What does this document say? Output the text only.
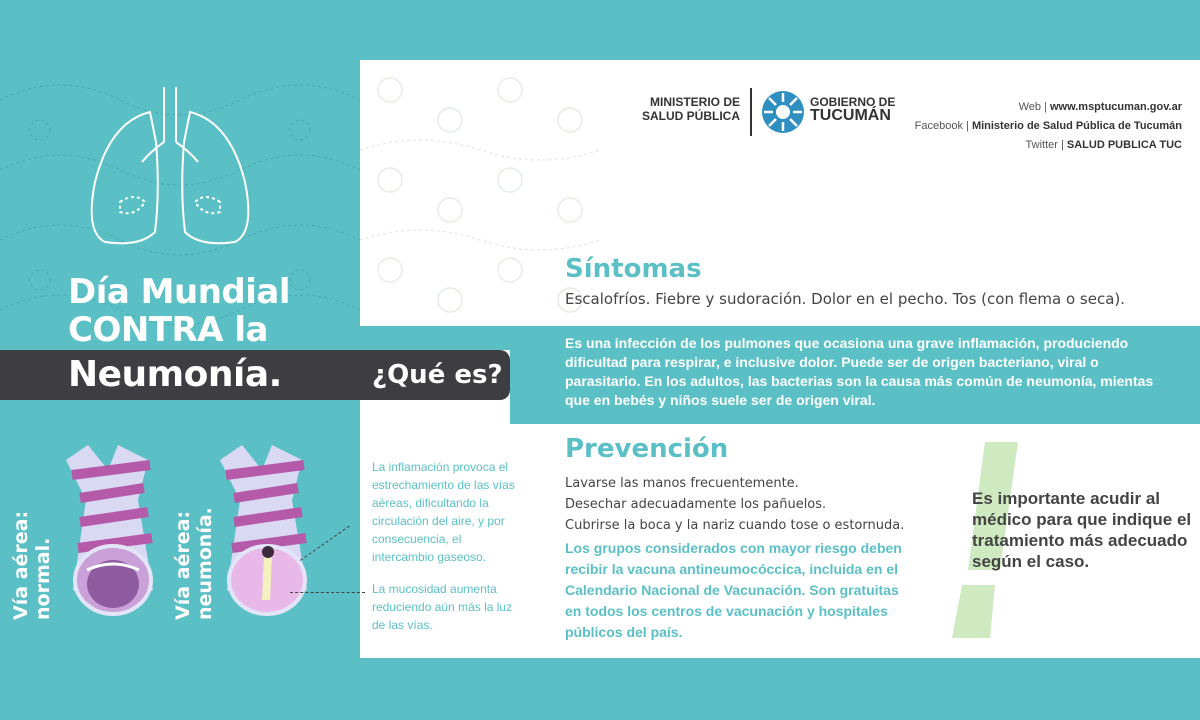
Día Mundial
CONTRA la
Neumonía.	¿Qué es?
MINISTERIO DE
SALUD PÚBLICA
GOBIERNO DE
TUCUMÁN	Web | www.msptucuman.gov.ar
Facebook | Ministerio de Salud Pública de Tucumán
Twitter | SALUD PUBLICA TUC
Síntomas
Escalofríos. Fiebre y sudoración. Dolor en el pecho. Tos (con flema o seca).
Es una infección de los pulmones que ocasiona una grave inflamación, produciendo dificultad para respirar, e inclusive dolor. Puede ser de origen bacteriano, viral o parasitario. En los adultos, las bacterias son la causa más común de neumonía, mientas que en bebés y niños suele ser de origen viral.
Prevención
Lavarse las manos frecuentemente.
Desechar adecuadamente los pañuelos.
Cubrirse la boca y la nariz cuando tose o estornuda.
Los grupos considerados con mayor riesgo deben recibir la vacuna antineumocóccica, incluida en el Calendario Nacional de Vacunación. Son gratuitas en todos los centros de vacunación y hospitales públicos del país.
Es importante acudir al médico para que indique el tratamiento más adecuado según el caso.
Vía aérea: normal.	Vía aérea: neumonía.
La inflamación provoca el estrechamiento de las vías aéreas, dificultando la circulación del aire, y por consecuencia, el intercambio gaseoso.
La mucosidad aumenta reduciendo aún más la luz de las vías.
